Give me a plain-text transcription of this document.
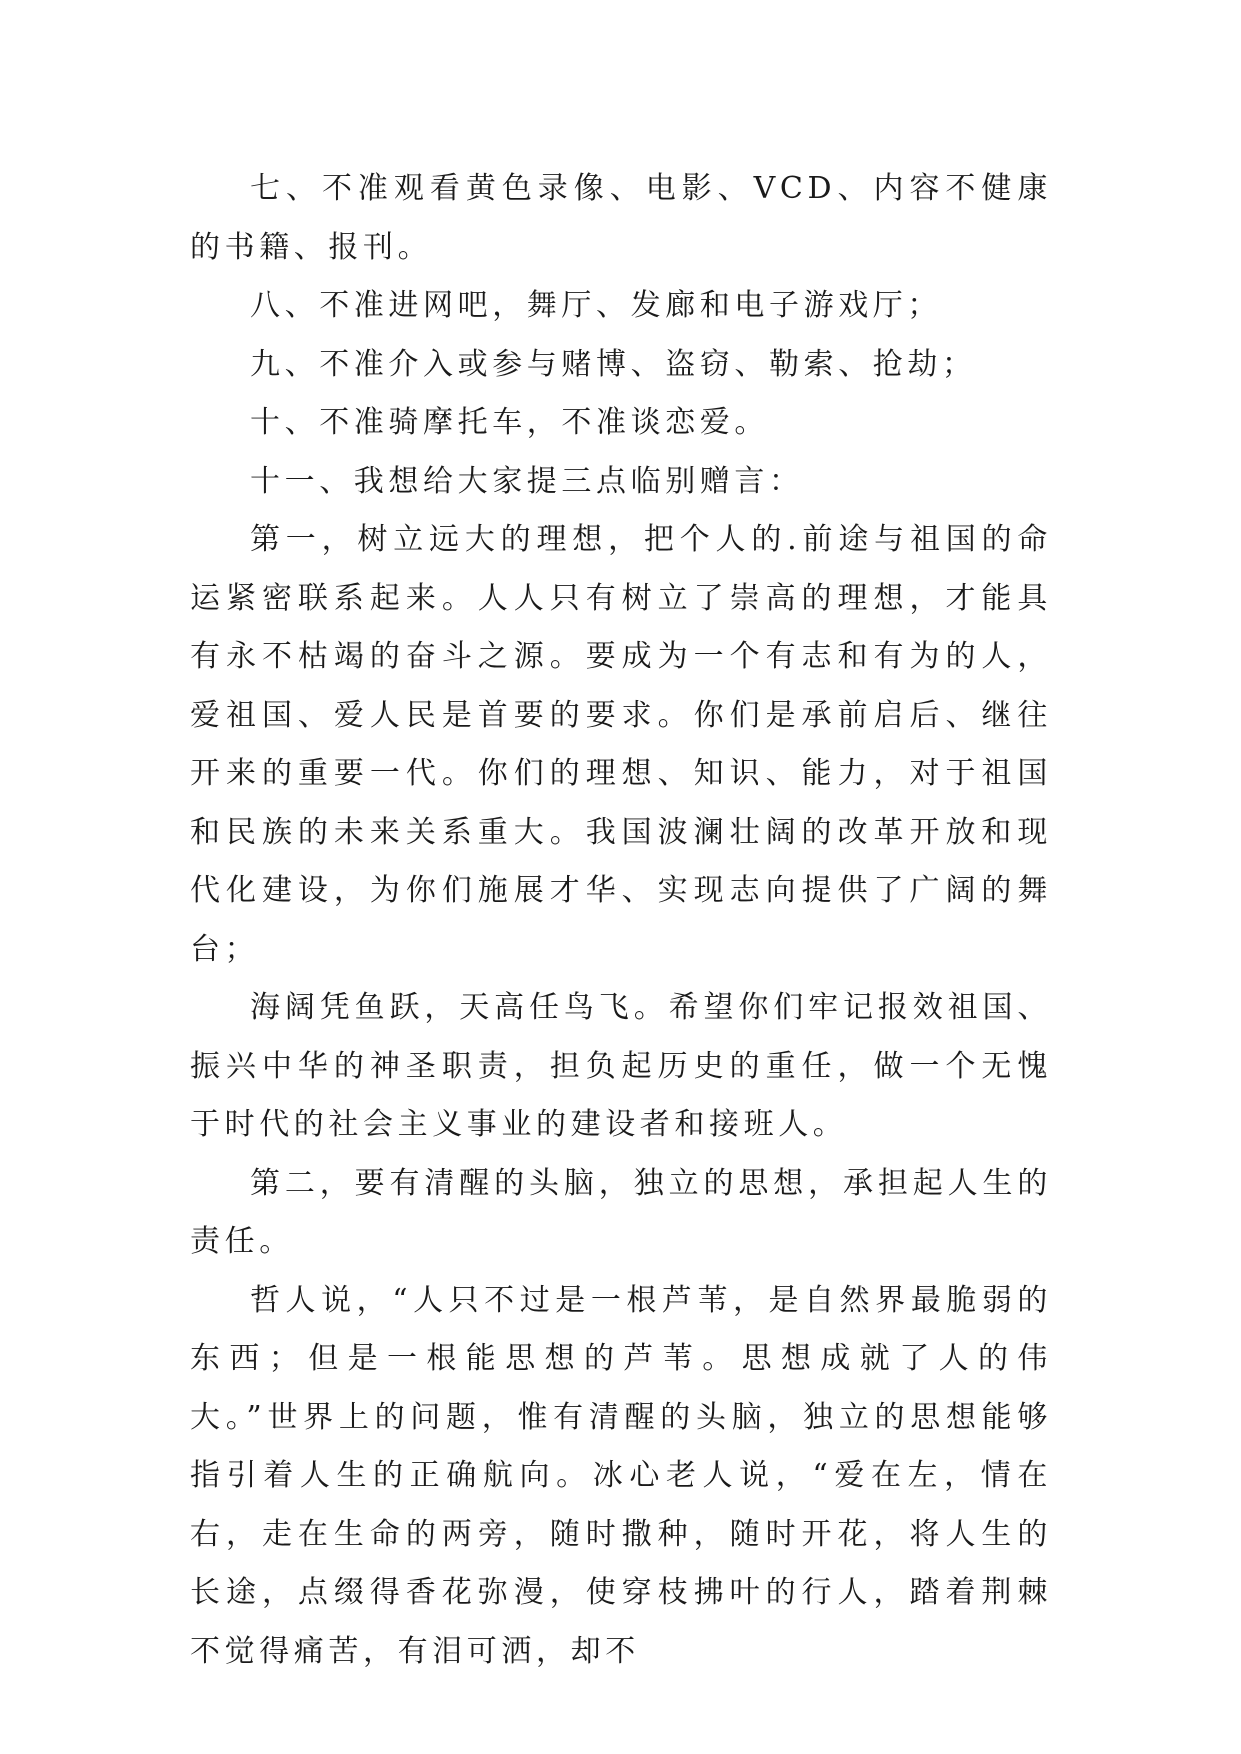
七、不准观看黄色录像、电影、VCD、内容不健康的书籍、报刊。

八、不准进网吧，舞厅、发廊和电子游戏厅；

九、不准介入或参与赌博、盗窃、勒索、抢劫；

十、不准骑摩托车，不准谈恋爱。

十一、我想给大家提三点临别赠言：

第一，树立远大的理想，把个人的.前途与祖国的命运紧密联系起来。人人只有树立了崇高的理想，才能具有永不枯竭的奋斗之源。要成为一个有志和有为的人，爱祖国、爱人民是首要的要求。你们是承前启后、继往开来的重要一代。你们的理想、知识、能力，对于祖国和民族的未来关系重大。我国波澜壮阔的改革开放和现代化建设，为你们施展才华、实现志向提供了广阔的舞台；

海阔凭鱼跃，天高任鸟飞。希望你们牢记报效祖国、振兴中华的神圣职责，担负起历史的重任，做一个无愧于时代的社会主义事业的建设者和接班人。

第二，要有清醒的头脑，独立的思想，承担起人生的责任。

哲人说，“人只不过是一根芦苇，是自然界最脆弱的东西；但是一根能思想的芦苇。思想成就了人的伟大。”世界上的问题，惟有清醒的头脑，独立的思想能够指引着人生的正确航向。冰心老人说，“爱在左，情在右，走在生命的两旁，随时撒种，随时开花，将人生的长途，点缀得香花弥漫，使穿枝拂叶的行人，踏着荆棘不觉得痛苦，有泪可洒，却不
